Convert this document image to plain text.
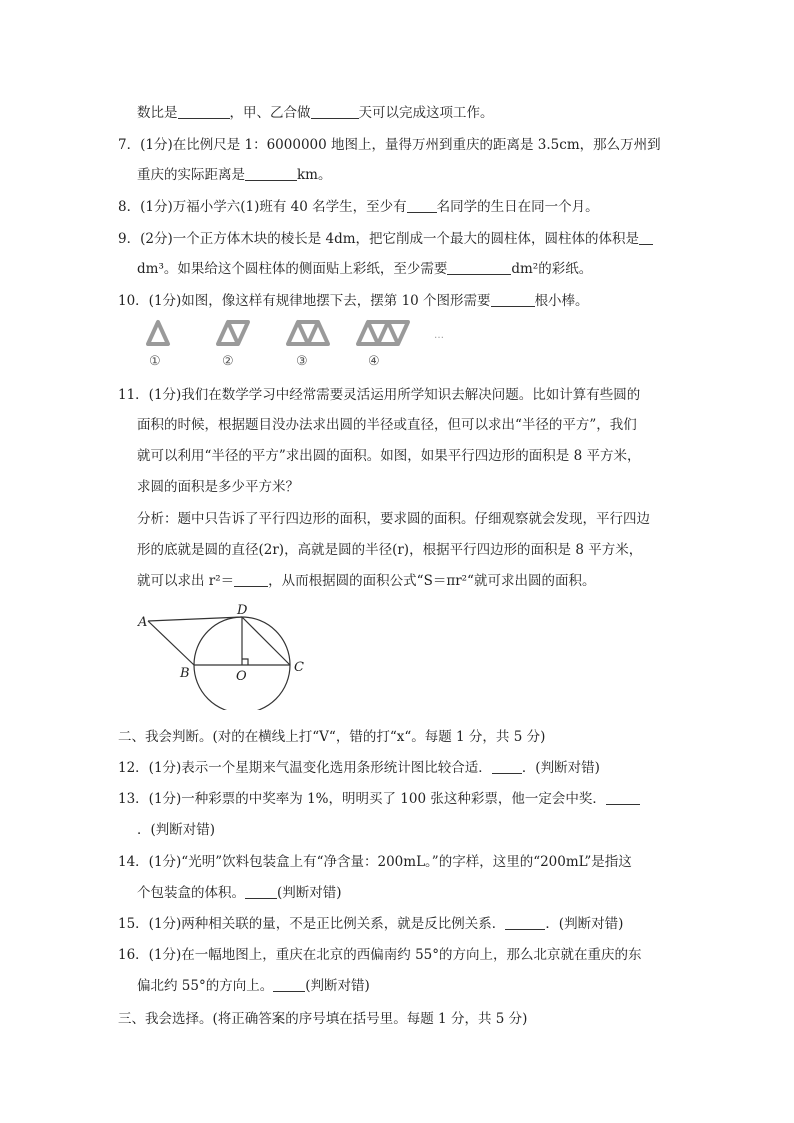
数比是	，甲、乙合做	天可以完成这项工作。
7．(1分)在比例尺是 1：6000000 地图上，量得万州到重庆的距离是 3.5cm，那么万州到
重庆的实际距离是	km。
8．(1分)万福小学六(1)班有 40 名学生，至少有 名同学的生日在同一个月。
9．(2分)一个正方体木块的棱长是 4dm，把它削成一个最大的圆柱体，圆柱体的体积是
dm³。如果给这个圆柱体的侧面贴上彩纸，至少需要	dm²的彩纸。
10．(1分)如图，像这样有规律地摆下去，摆第 10 个图形需要	根小棒。
①	②	③	④
…
11．(1分)我们在数学学习中经常需要灵活运用所学知识去解决问题。比如计算有些圆的
面积的时候，根据题目没办法求出圆的半径或直径，但可以求出“半径的平方”，我们
就可以利用“半径的平方”求出圆的面积。如图，如果平行四边形的面积是 8 平方米，
求圆的面积是多少平方米？
分析：题中只告诉了平行四边形的面积，要求圆的面积。仔细观察就会发现，平行四边
形的底就是圆的直径(2r)，高就是圆的半径(r)，根据平行四边形的面积是 8 平方米，
就可以求出 r²＝	，从而根据圆的面积公式“S＝πr²“就可求出圆的面积。
A
D
B	O
C
二、我会判断。(对的在横线上打“V“，错的打“x“。每题 1 分，共 5 分)
12．(1分)表示一个星期来气温变化选用条形统计图比较合适． ．(判断对错)
13．(1分)一种彩票的中奖率为 1%，明明买了 100 张这种彩票，他一定会中奖．
．(判断对错)
14．(1分)“光明”饮料包装盒上有“净含量：200mL。”的字样，这里的“200mL”是指这
个包装盒的体积。 (判断对错)
15．(1分)两种相关联的量，不是正比例关系，就是反比例关系．	．(判断对错)
16．(1分)在一幅地图上，重庆在北京的西偏南约 55°的方向上，那么北京就在重庆的东
偏北约 55°的方向上。 (判断对错)
三、我会选择。(将正确答案的序号填在括号里。每题 1 分，共 5 分)
